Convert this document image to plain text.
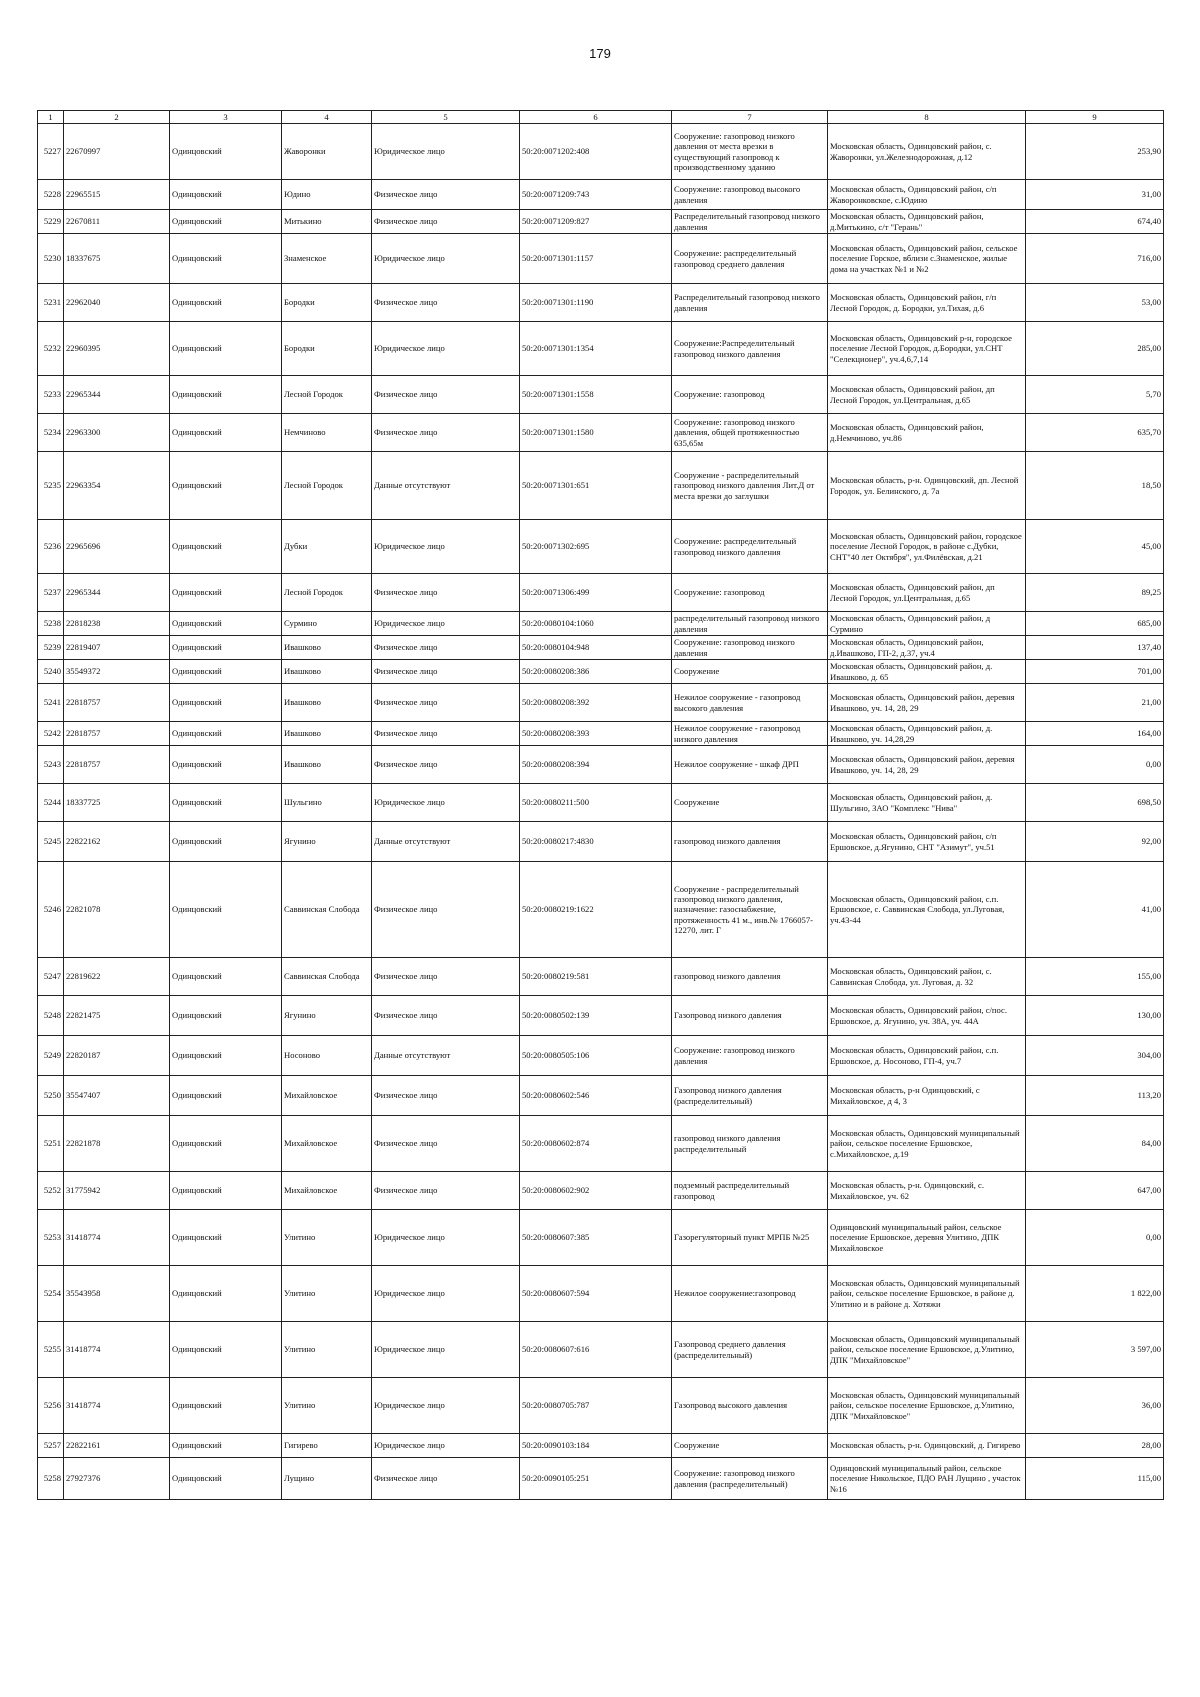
179
1	2	3	4	5	6	7	8	9
5227	22670997	Одинцовский	Жаворонки	Юридическое лицо	50:20:0071202:408	Сооружение: газопровод низкого давления от места врезки в существующий газопровод к производственному зданию	Московская область, Одинцовский район, с. Жаворонки, ул.Железнодорожная, д.12	253,90
5228	22965515	Одинцовский	Юдино	Физическое лицо	50:20:0071209:743	Сооружение: газопровод высокого давления	Московская область, Одинцовский район, с/п Жаворонковское, с.Юдино	31,00
5229	22670811	Одинцовский	Митькино	Физическое лицо	50:20:0071209:827	Распределительный газопровод низкого давления	Московская область, Одинцовский район, д.Митькино, с/т "Герань"	674,40
5230	18337675	Одинцовский	Знаменское	Юридическое лицо	50:20:0071301:1157	Сооружение: распределительный газопровод среднего давления	Московская область, Одинцовский район, сельское поселение Горское, вблизи с.Знаменское, жилые дома на участках №1 и №2	716,00
5231	22962040	Одинцовский	Бородки	Физическое лицо	50:20:0071301:1190	Распределительный газопровод низкого давления	Московская область, Одинцовский район, г/п Лесной Городок, д. Бородки, ул.Тихая, д.6	53,00
5232	22960395	Одинцовский	Бородки	Юридическое лицо	50:20:0071301:1354	Сооружение:Распределительный газопровод низкого давления	Московская область, Одинцовский р-н, городское поселение Лесной Городок, д.Бородки, ул.СНТ "Селекционер", уч.4,6,7,14	285,00
5233	22965344	Одинцовский	Лесной Городок	Физическое лицо	50:20:0071301:1558	Сооружение: газопровод	Московская область, Одинцовский район, дп Лесной Городок, ул.Центральная, д.65	5,70
5234	22963300	Одинцовский	Немчиново	Физическое лицо	50:20:0071301:1580	Сооружение: газопровод низкого давления, общей протяженностью 635,65м	Московская область, Одинцовский район, д.Немчиново, уч.86	635,70
5235	22963354	Одинцовский	Лесной Городок	Данные отсутствуют	50:20:0071301:651	Сооружение - распределительный газопровод низкого давления Лит.Д от места врезки до заглушки	Московская область, р-н. Одинцовский, дп. Лесной Городок, ул. Белинского, д. 7а	18,50
5236	22965696	Одинцовский	Дубки	Юридическое лицо	50:20:0071302:695	Сооружение: распределительный газопровод низкого давления	Московская область, Одинцовский район, городское поселение Лесной Городок, в районе с.Дубки, СНТ"40 лет Октября", ул.Филёвская, д.21	45,00
5237	22965344	Одинцовский	Лесной Городок	Физическое лицо	50:20:0071306:499	Сооружение: газопровод	Московская область, Одинцовский район, дп Лесной Городок, ул.Центральная, д.65	89,25
5238	22818238	Одинцовский	Сурмино	Юридическое лицо	50:20:0080104:1060	распределительный газопровод низкого давления	Московская область, Одинцовский район, д Сурмино	685,00
5239	22819407	Одинцовский	Ивашково	Физическое лицо	50:20:0080104:948	Сооружение: газопровод низкого давления	Московская область, Одинцовский район, д.Ивашково, ГП-2, д.37, уч.4	137,40
5240	35549372	Одинцовский	Ивашково	Физическое лицо	50:20:0080208:386	Сооружение	Московская область, Одинцовский район, д. Ивашково, д. 65	701,00
5241	22818757	Одинцовский	Ивашково	Физическое лицо	50:20:0080208:392	Нежилое сооружение - газопровод высокого давления	Московская область, Одинцовский район, деревня Ивашково, уч. 14, 28, 29	21,00
5242	22818757	Одинцовский	Ивашково	Физическое лицо	50:20:0080208:393	Нежилое сооружение - газопровод низкого давления	Московская область, Одинцовский район, д. Ивашково, уч. 14,28,29	164,00
5243	22818757	Одинцовский	Ивашково	Физическое лицо	50:20:0080208:394	Нежилое сооружение - шкаф ДРП	Московская область, Одинцовский район, деревня Ивашково, уч. 14, 28, 29	0,00
5244	18337725	Одинцовский	Шульгино	Юридическое лицо	50:20:0080211:500	Сооружение	Московская область, Одинцовский район, д. Шульгино, ЗАО "Комплекс "Нива"	698,50
5245	22822162	Одинцовский	Ягунино	Данные отсутствуют	50:20:0080217:4830	газопровод низкого давления	Московская область, Одинцовский район, с/п Ершовское, д.Ягунино, СНТ "Азимут", уч.51	92,00
5246	22821078	Одинцовский	Саввинская Слобода	Физическое лицо	50:20:0080219:1622	Сооружение - распределительный газопровод низкого давления, назначение: газоснабжение, протяженность 41 м., инв.№ 1766057-12270, лит. Г	Московская область, Одинцовский район, с.п. Ершовское, с. Саввинская Слобода, ул.Луговая, уч.43-44	41,00
5247	22819622	Одинцовский	Саввинская Слобода	Физическое лицо	50:20:0080219:581	газопровод низкого давления	Московская область, Одинцовский район, с. Саввинская Слобода, ул. Луговая, д. 32	155,00
5248	22821475	Одинцовский	Ягунино	Физическое лицо	50:20:0080502:139	Газопровод низкого давления	Московская область, Одинцовский район, с/пос. Ершовское, д. Ягунино, уч. 38А, уч. 44А	130,00
5249	22820187	Одинцовский	Носоново	Данные отсутствуют	50:20:0080505:106	Сооружение: газопровод низкого давления	Московская область, Одинцовский район, с.п. Ершовское, д. Носоново, ГП-4, уч.7	304,00
5250	35547407	Одинцовский	Михайловское	Физическое лицо	50:20:0080602:546	Газопровод низкого давления (распределительный)	Московская область, р-н Одинцовский, с Михайловское, д 4, 3	113,20
5251	22821878	Одинцовский	Михайловское	Физическое лицо	50:20:0080602:874	газопровод низкого давления распределительный	Московская область, Одинцовский муниципальный район, сельское поселение Ершовское, с.Михайловское, д.19	84,00
5252	31775942	Одинцовский	Михайловское	Физическое лицо	50:20:0080602:902	подземный распределительный газопровод	Московская область, р-н. Одинцовский, с. Михайловское, уч. 62	647,00
5253	31418774	Одинцовский	Улитино	Юридическое лицо	50:20:0080607:385	Газорегуляторный пункт МРПБ №25	Одинцовский муниципальный район, сельское поселение Ершовское, деревня Улитино, ДПК Михайловское	0,00
5254	35543958	Одинцовский	Улитино	Юридическое лицо	50:20:0080607:594	Нежилое сооружение:газопровод	Московская область, Одинцовский муниципальный район, сельское поселение Ершовское, в районе д. Улитино и в районе д. Хотяжи	1 822,00
5255	31418774	Одинцовский	Улитино	Юридическое лицо	50:20:0080607:616	Газопровод среднего давления (распределительный)	Московская область, Одинцовский муниципальный район, сельское поселение Ершовское, д.Улитино, ДПК "Михайловское"	3 597,00
5256	31418774	Одинцовский	Улитино	Юридическое лицо	50:20:0080705:787	Газопровод высокого давления	Московская область, Одинцовский муниципальный район, сельское поселение Ершовское, д.Улитино, ДПК "Михайловское"	36,00
5257	22822161	Одинцовский	Гигирево	Юридическое лицо	50:20:0090103:184	Сооружение	Московская область, р-н. Одинцовский, д. Гигирево	28,00
5258	27927376	Одинцовский	Лущино	Физическое лицо	50:20:0090105:251	Сооружение: газопровод низкого давления (распределительный)	Одинцовский муниципальный район, сельское поселение Никольское, ПДО РАН Лущино , участок №16	115,00
